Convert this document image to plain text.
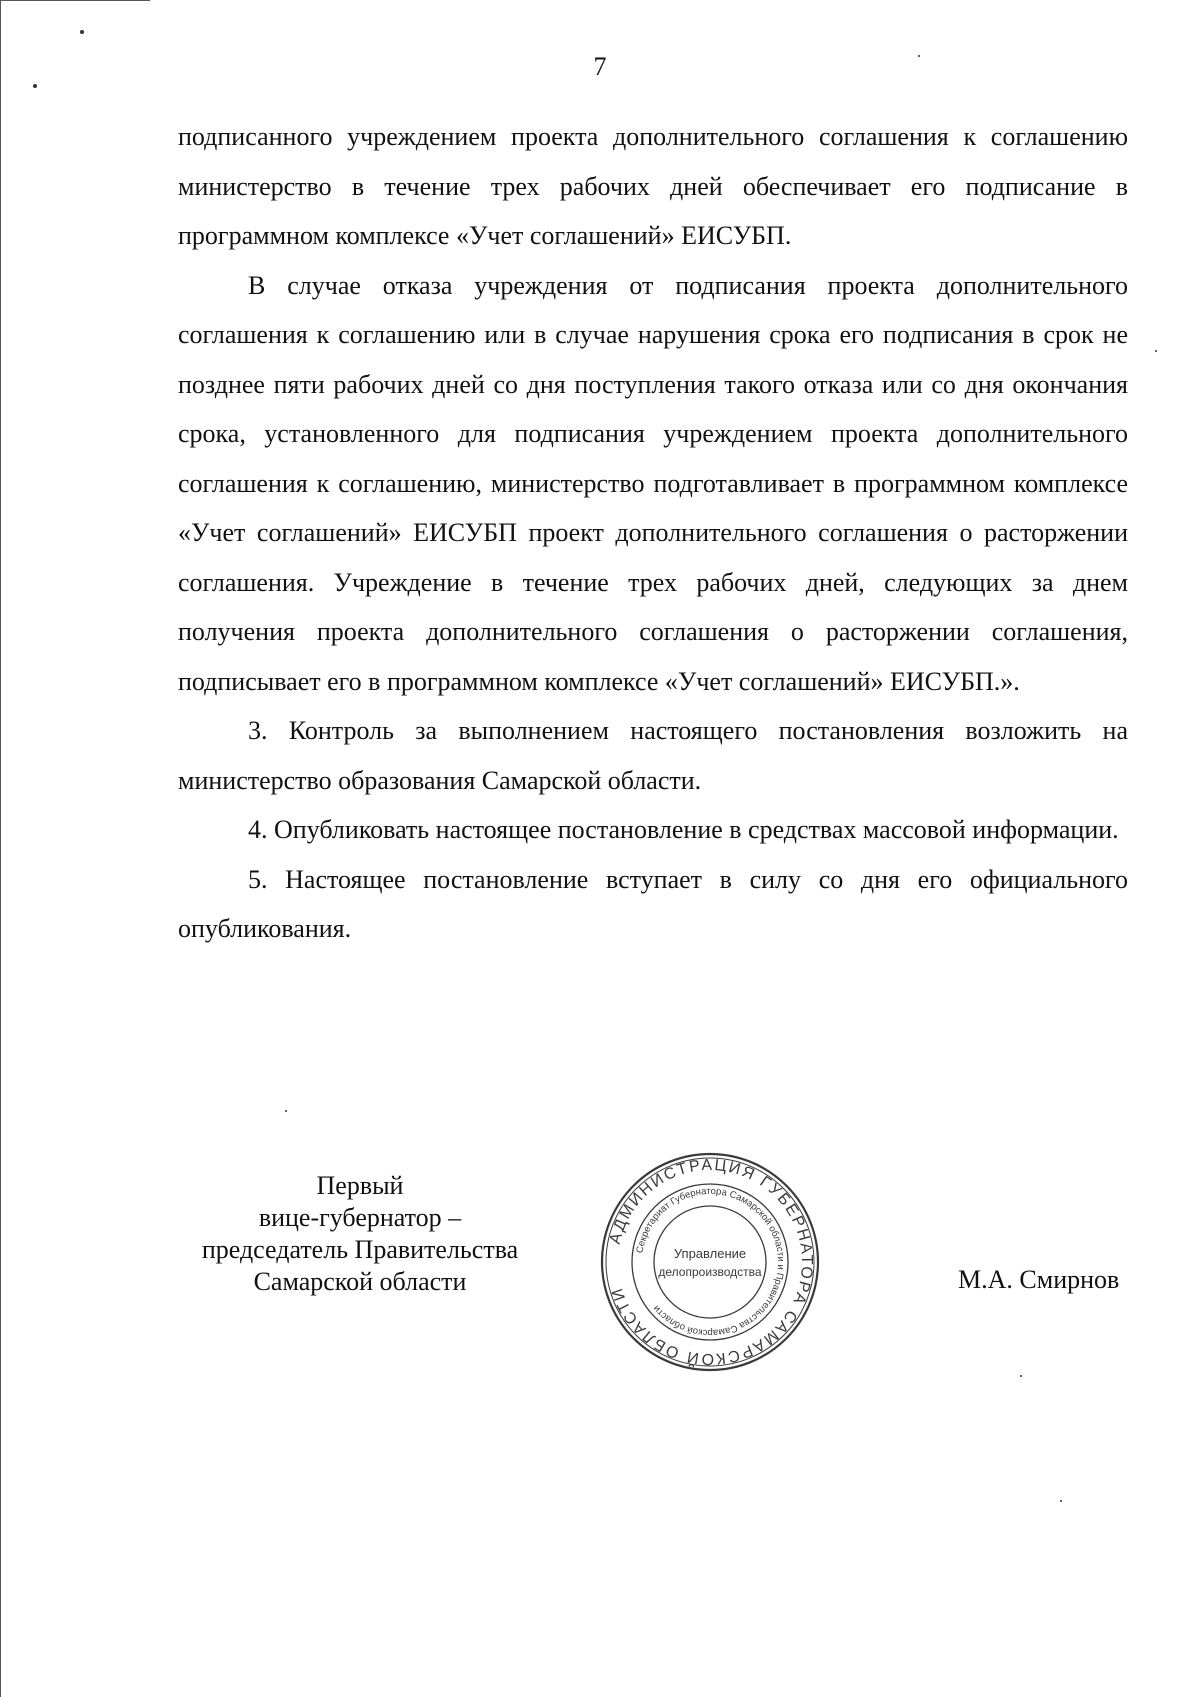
7

подписанного учреждением проекта дополнительного соглашения к соглашению министерство в течение трех рабочих дней обеспечивает его подписание в программном комплексе «Учет соглашений» ЕИСУБП.

В случае отказа учреждения от подписания проекта дополнительного соглашения к соглашению или в случае нарушения срока его подписания в срок не позднее пяти рабочих дней со дня поступления такого отказа или со дня окончания срока, установленного для подписания учреждением проекта дополнительного соглашения к соглашению, министерство подготавливает в программном комплексе «Учет соглашений» ЕИСУБП проект дополнительного соглашения о расторжении соглашения. Учреждение в течение трех рабочих дней, следующих за днем получения проекта дополнительного соглашения о расторжении соглашения, подписывает его в программном комплексе «Учет соглашений» ЕИСУБП.».

3. Контроль за выполнением настоящего постановления возложить на министерство образования Самарской области.

4. Опубликовать настоящее постановление в средствах массовой информации.

5. Настоящее постановление вступает в силу со дня его официального опубликования.

Первый
вице-губернатор –
председатель Правительства
Самарской области
АДМИНИСТРАЦИЯ ГУБЕРНАТОРА САМАРСКОЙ ОБЛАСТИ
Секретариат Губернатора Самарской области и Правительства Самарской области
Управление
делопроизводства	М.А. Смирнов
